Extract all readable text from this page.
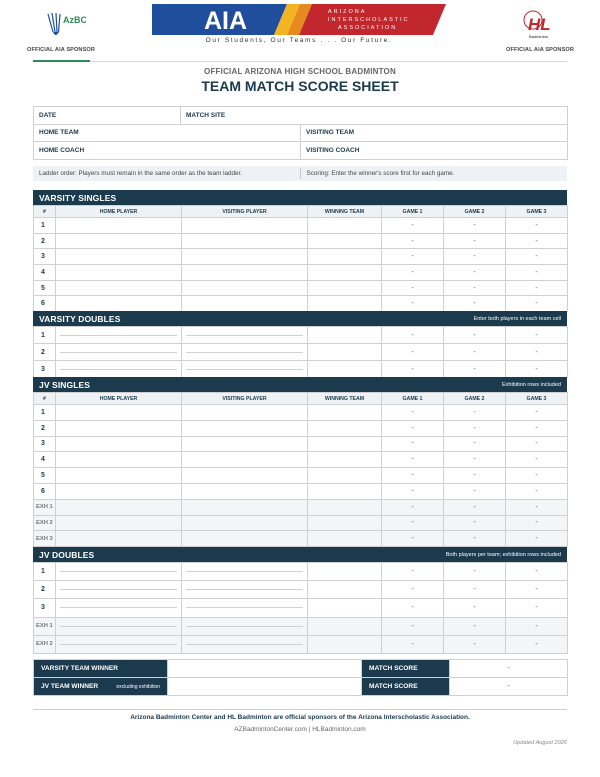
AzBC
OFFICIAL AIA SPONSOR
AIA	ARIZONA
INTERSCHOLASTIC
ASSOCIATION
Our Students, Our Teams . . . Our Future.
HL
Badminton
OFFICIAL AIA SPONSOR
OFFICIAL ARIZONA HIGH SCHOOL BADMINTON
TEAM MATCH SCORE SHEET
DATE	MATCH SITE	
HOME TEAM		VISITING TEAM
HOME COACH		VISITING COACH
Ladder order: Players must remain in the same order as the team ladder.	Scoring: Enter the winner's score first for each game.
VARSITY SINGLES
#	HOME PLAYER	VISITING PLAYER	WINNING TEAM	GAME 1	GAME 2	GAME 3
1				-	-	-
2				-	-	-
3				-	-	-
4				-	-	-
5				-	-	-
6				-	-	-
VARSITY DOUBLES	Enter both players in each team cell
1				-	-	-
2				-	-	-
3				-	-	-
JV SINGLES	Exhibition rows included
#	HOME PLAYER	VISITING PLAYER	WINNING TEAM	GAME 1	GAME 2	GAME 3
1				-	-	-
2				-	-	-
3				-	-	-
4				-	-	-
5				-	-	-
6				-	-	-
EXH 1				-	-	-
EXH 2				-	-	-
EXH 3				-	-	-
JV DOUBLES	Both players per team; exhibition rows included
1				-	-	-
2				-	-	-
3				-	-	-
EXH 1				-	-	-
EXH 2				-	-	-
VARSITY TEAM WINNER		MATCH SCORE	-
JV TEAM WINNER excluding exhibition		MATCH SCORE	-
Arizona Badminton Center and HL Badminton are official sponsors of the Arizona Interscholastic Association.
AZBadmintonCenter.com | HLBadminton.com
Updated August 2026
